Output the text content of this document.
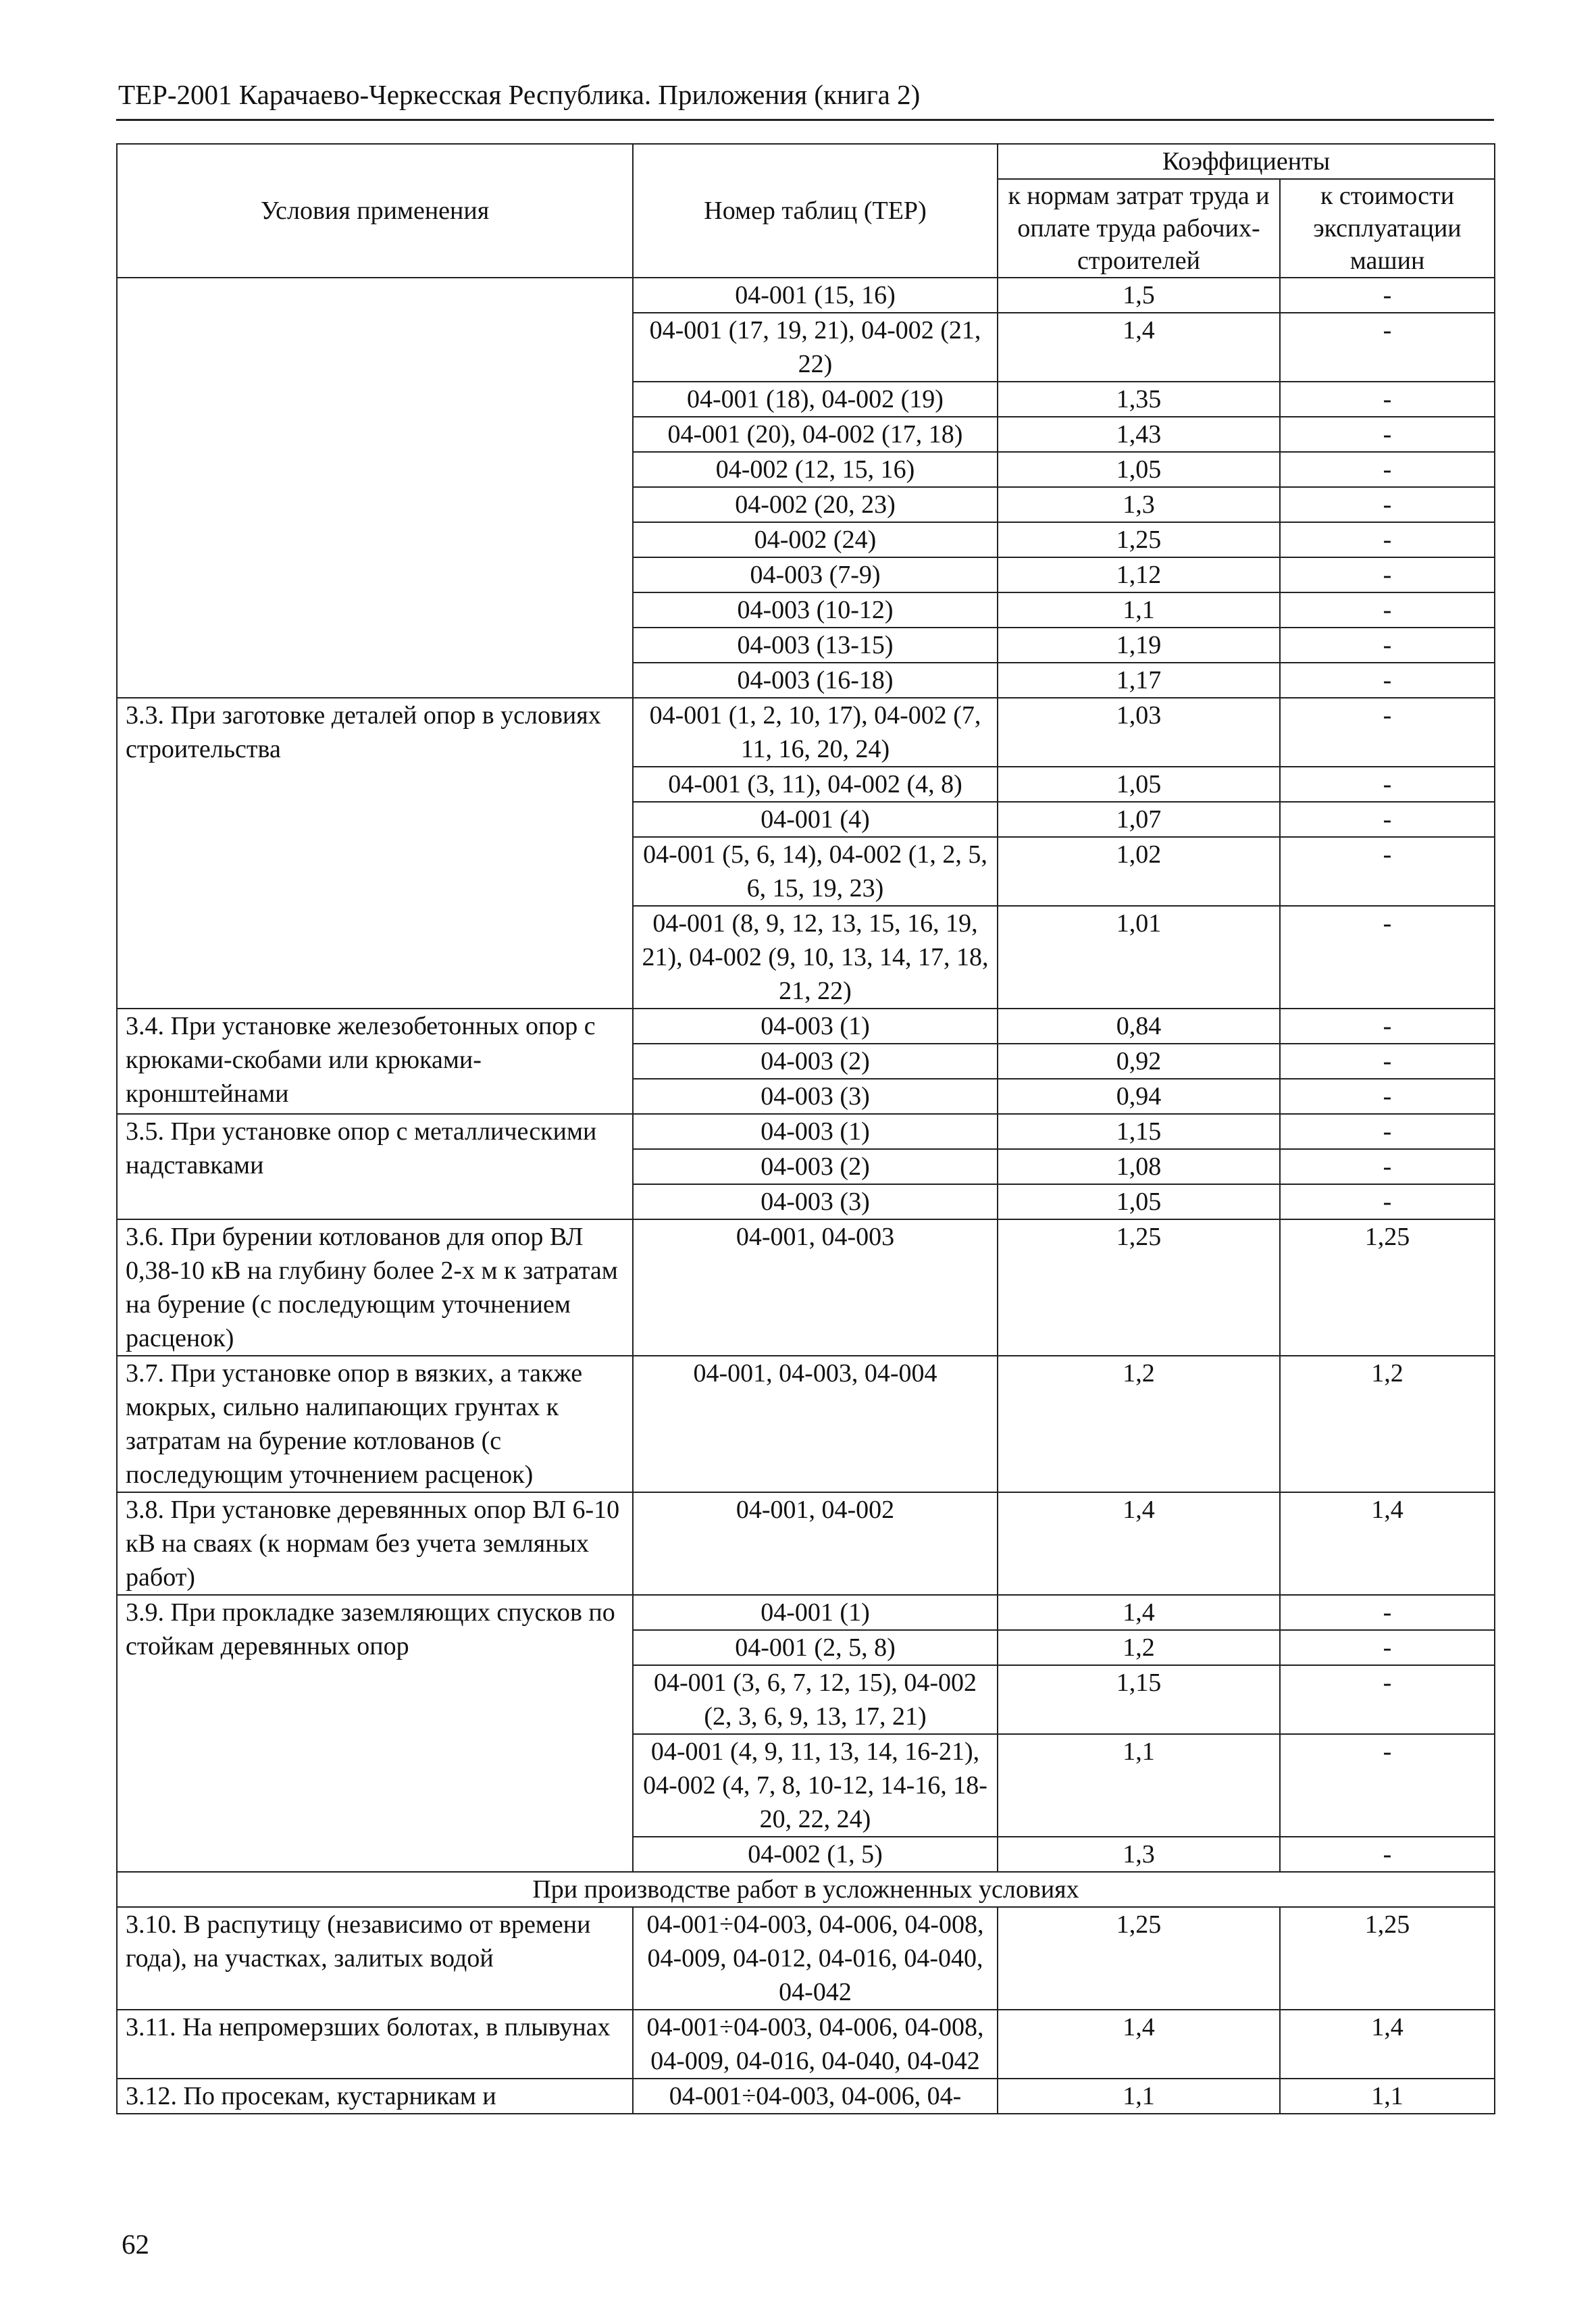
ТЕР-2001 Карачаево-Черкесская Республика. Приложения (книга 2)
Условия применения	Номер таблиц (ТЕР)	Коэффициенты	
		к нормам затрат труда и оплате труда рабочих-строителей	к стоимости эксплуатации машин
	04-001 (15, 16)	1,5	-
	04-001 (17, 19, 21), 04-002 (21, 22)	1,4	-
	04-001 (18), 04-002 (19)	1,35	-
	04-001 (20), 04-002 (17, 18)	1,43	-
	04-002 (12, 15, 16)	1,05	-
	04-002 (20, 23)	1,3	-
	04-002 (24)	1,25	-
	04-003 (7-9)	1,12	-
	04-003 (10-12)	1,1	-
	04-003 (13-15)	1,19	-
	04-003 (16-18)	1,17	-
3.3. При заготовке деталей опор в условиях строительства	04-001 (1, 2, 10, 17), 04-002 (7, 11, 16, 20, 24)	1,03	-
	04-001 (3, 11), 04-002 (4, 8)	1,05	-
	04-001 (4)	1,07	-
	04-001 (5, 6, 14), 04-002 (1, 2, 5, 6, 15, 19, 23)	1,02	-
	04-001 (8, 9, 12, 13, 15, 16, 19, 21), 04-002 (9, 10, 13, 14, 17, 18, 21, 22)	1,01	-
3.4. При установке железобетонных опор с крюками-скобами или крюками-кронштейнами	04-003 (1)	0,84	-
	04-003 (2)	0,92	-
	04-003 (3)	0,94	-
3.5. При установке опор с металлическими надставками	04-003 (1)	1,15	-
	04-003 (2)	1,08	-
	04-003 (3)	1,05	-
3.6. При бурении котлованов для опор ВЛ 0,38-10 кВ на глубину более 2-х м к затратам на бурение (с последующим уточнением расценок)	04-001, 04-003	1,25	1,25
3.7. При установке опор в вязких, а также мокрых, сильно налипающих грунтах к затратам на бурение котлованов (с последующим уточнением расценок)	04-001, 04-003, 04-004	1,2	1,2
3.8. При установке деревянных опор ВЛ 6-10 кВ на сваях (к нормам без учета земляных работ)	04-001, 04-002	1,4	1,4
3.9. При прокладке заземляющих спусков по стойкам деревянных опор	04-001 (1)	1,4	-
	04-001 (2, 5, 8)	1,2	-
	04-001 (3, 6, 7, 12, 15), 04-002 (2, 3, 6, 9, 13, 17, 21)	1,15	-
	04-001 (4, 9, 11, 13, 14, 16-21), 04-002 (4, 7, 8, 10-12, 14-16, 18-20, 22, 24)	1,1	-
	04-002 (1, 5)	1,3	-
При производстве работ в усложненных условиях			
3.10. В распутицу (независимо от времени года), на участках, залитых водой	04-001÷04-003, 04-006, 04-008, 04-009, 04-012, 04-016, 04-040, 04-042	1,25	1,25
3.11. На непромерзших болотах, в плывунах	04-001÷04-003, 04-006, 04-008, 04-009, 04-016, 04-040, 04-042	1,4	1,4
3.12. По просекам, кустарникам и	04-001÷04-003, 04-006, 04-	1,1	1,1
62
